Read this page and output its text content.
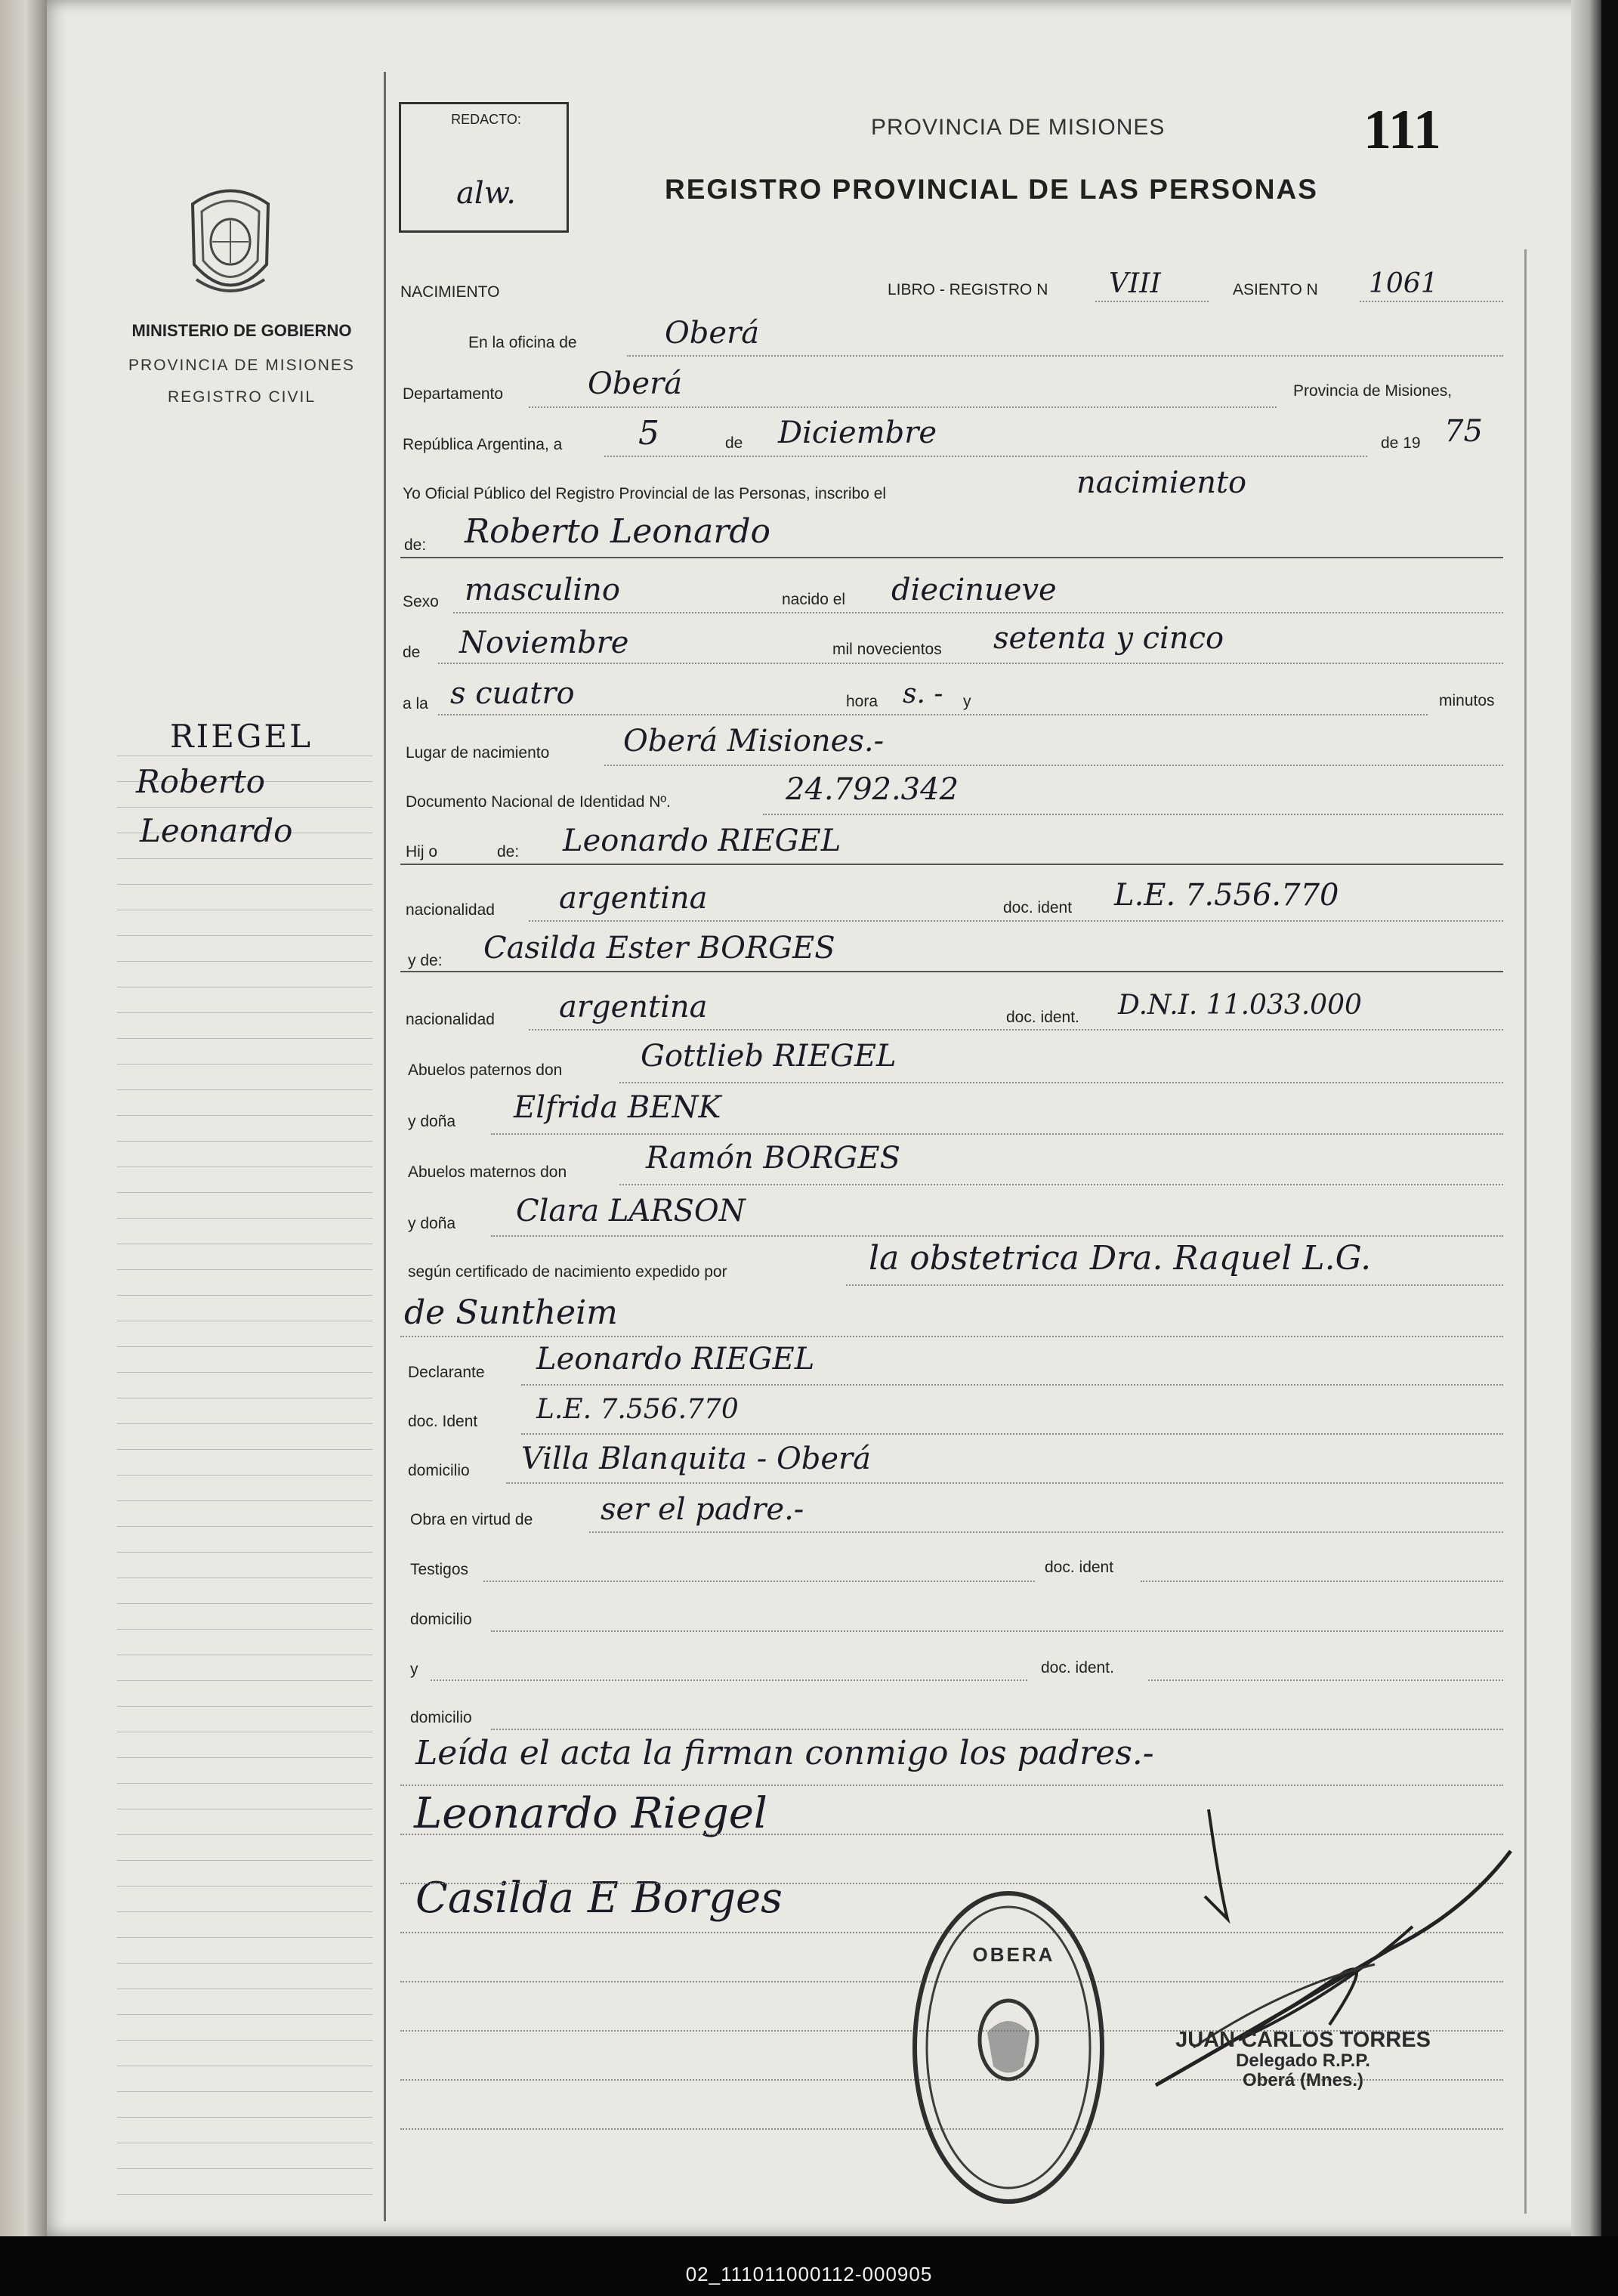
REDACTO:
alw.
PROVINCIA DE MISIONES
REGISTRO PROVINCIAL DE LAS PERSONAS
111
MINISTERIO DE GOBIERNO
PROVINCIA DE MISIONES
REGISTRO CIVIL
RIEGEL
Roberto
Leonardo
NACIMIENTO	LIBRO - REGISTRO N VIII	ASIENTO N 1061
En la oficina de	Oberá
Departamento	Oberá	Provincia de Misiones,
República Argentina, a 5	de Diciembre	de 19 75
Yo Oficial Público del Registro Provincial de las Personas, inscribo el	nacimiento
de: Roberto Leonardo
Sexo masculino	nacido el diecinueve
de Noviembre	mil novecientos setenta y cinco
a la s cuatro	hora s. - y	minutos
Lugar de nacimiento Oberá Misiones.-
Documento Nacional de Identidad Nº.	24.792.342
Hij o	de: Leonardo RIEGEL
nacionalidad argentina	doc. ident L.E. 7.556.770
y de: Casilda Ester BORGES
nacionalidad argentina	doc. ident. D.N.I. 11.033.000
Abuelos paternos don	Gottlieb RIEGEL
y doña Elfrida BENK
Abuelos maternos don	Ramón BORGES
y doña Clara LARSON
según certificado de nacimiento expedido por	la obstetrica Dra. Raquel L.G.
de Suntheim
Declarante Leonardo RIEGEL
doc. Ident L.E. 7.556.770
domicilio Villa Blanquita - Oberá
Obra en virtud de ser el padre.-
Testigos	doc. ident
domicilio
y	doc. ident.
domicilio
Leída el acta la firman conmigo los padres.-
Leonardo Riegel
Casilda E Borges
OBERA
JUAN CARLOS TORRES
Delegado R.P.P.
Oberá (Mnes.)
02_111011000112-000905
